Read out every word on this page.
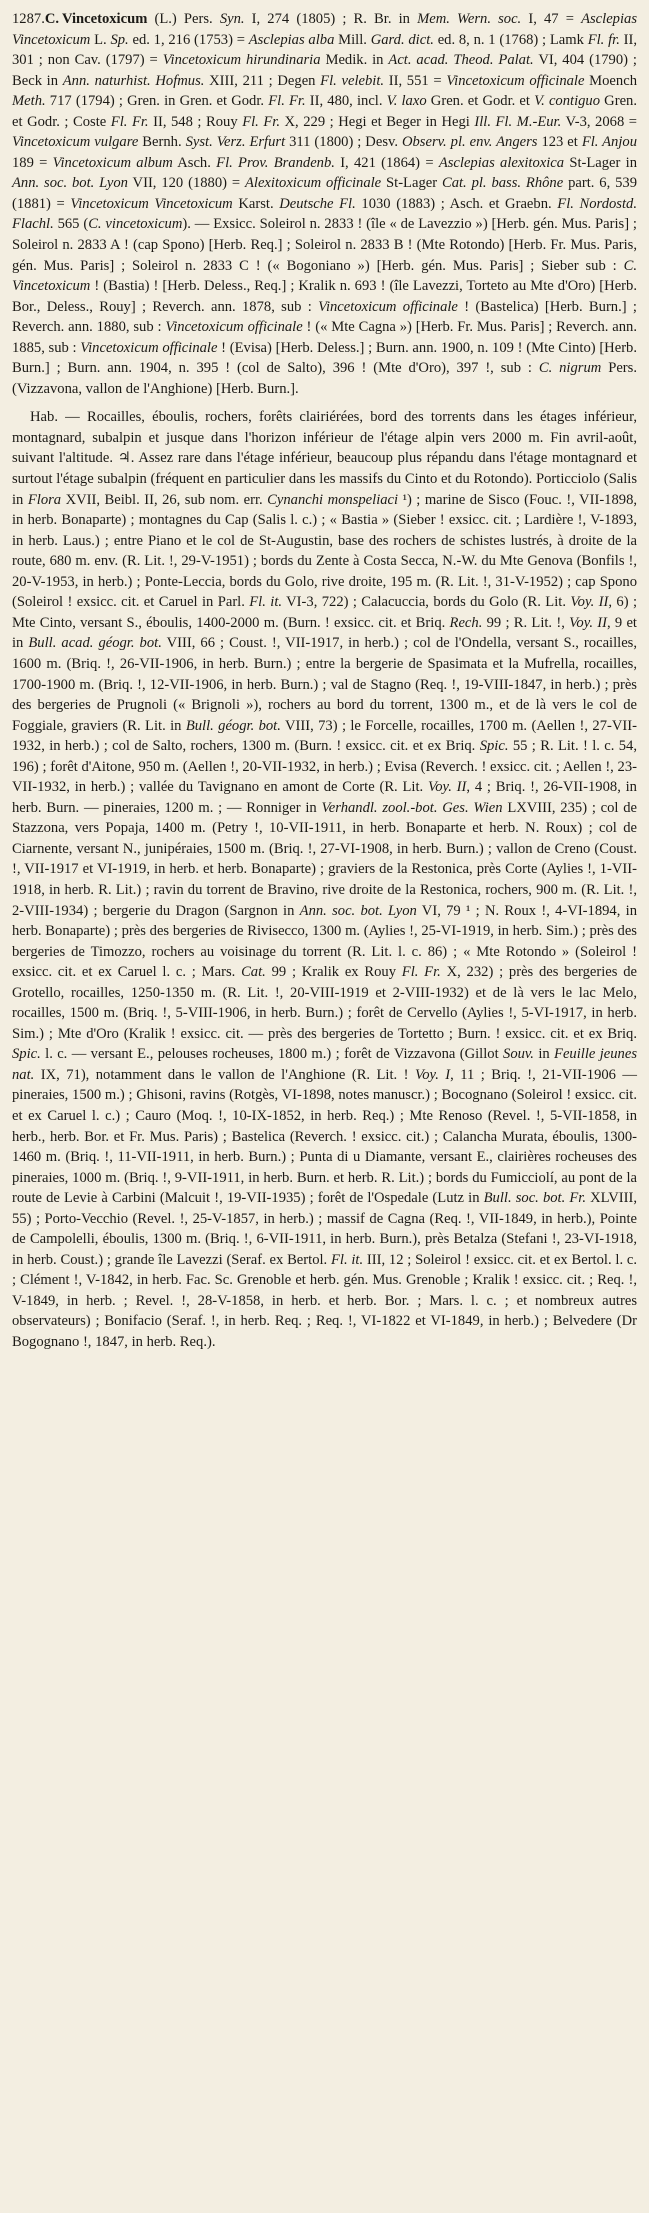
1287.C.  Vincetoxicum (L.) Pers. Syn. I, 274 (1805) ; R. Br. in Mem. Wern. soc. I, 47 = Asclepias Vincetoxicum L. Sp. ed. 1, 216 (1753) = Asclepias alba Mill. Gard. dict. ed. 8, n. 1 (1768) ; Lamk Fl. fr. II, 301 ; non Cav. (1797) = Vincetoxicum hirundinaria Medik. in Act. acad. Theod. Palat. VI, 404 (1790) ; Beck in Ann. naturhist. Hofmus. XIII, 211 ; Degen Fl. velebit. II, 551 = Vincetoxicum officinale Moench Meth. 717 (1794) ; Gren. in Gren. et Godr. Fl. Fr. II, 480, incl. V. laxo Gren. et Godr. et V. contiguo Gren. et Godr. ; Coste Fl. Fr. II, 548 ; Rouy Fl. Fr. X, 229 ; Hegi et Beger in Hegi Ill. Fl. M.-Eur. V-3, 2068 = Vincetoxicum vulgare Bernh. Syst. Verz. Erfurt 311 (1800) ; Desv. Observ. pl. env. Angers 123 et Fl. Anjou 189 = Vincetoxicum album Asch. Fl. Prov. Brandenb. I, 421 (1864) = Asclepias alexitoxica St-Lager in Ann. soc. bot. Lyon VII, 120 (1880) = Alexitoxicum officinale St-Lager Cat. pl. bass. Rhône part. 6, 539 (1881) = Vincetoxicum Vincetoxicum Karst. Deutsche Fl. 1030 (1883) ; Asch. et Graebn. Fl. Nordostd. Flachl. 565 (C. vincetoxicum). — Exsicc. Soleirol n. 2833 ! (île « de Lavezzio ») [Herb. gén. Mus. Paris] ; Soleirol n. 2833 A ! (cap Spono) [Herb. Req.] ; Soleirol n. 2833 B ! (Mte Rotondo) [Herb. Fr. Mus. Paris, gén. Mus. Paris] ; Soleirol n. 2833 C ! (« Bogoniano ») [Herb. gén. Mus. Paris] ; Sieber sub : C. Vincetoxicum ! (Bastia) ! [Herb. Deless., Req.] ; Kralik n. 693 ! (île Lavezzi, Torteto au Mte d'Oro) [Herb. Bor., Deless., Rouy] ; Reverch. ann. 1878, sub : Vincetoxicum officinale ! (Bastelica) [Herb. Burn.] ; Reverch. ann. 1880, sub : Vincetoxicum officinale ! (« Mte Cagna ») [Herb. Fr. Mus. Paris] ; Reverch. ann. 1885, sub : Vincetoxicum officinale ! (Evisa) [Herb. Deless.] ; Burn. ann. 1900, n. 109 ! (Mte Cinto) [Herb. Burn.] ; Burn. ann. 1904, n. 395 ! (col de Salto), 396 ! (Mte d'Oro), 397 !, sub : C. nigrum Pers. (Vizzavona, vallon de l'Anghione) [Herb. Burn.].

Hab. — Rocailles, éboulis, rochers, forêts clairiérées, bord des torrents dans les étages inférieur, montagnard, subalpin et jusque dans l'horizon inférieur de l'étage alpin vers 2000 m. Fin avril-août, suivant l'altitude. ♃. Assez rare dans l'étage inférieur, beaucoup plus répandu dans l'étage montagnard et surtout l'étage subalpin (fréquent en particulier dans les massifs du Cinto et du Rotondo). Porticciolo (Salis in Flora XVII, Beibl. II, 26, sub nom. err. Cynanchi monspeliaci ¹) ; marine de Sisco (Fouc. !, VII-1898, in herb. Bonaparte) ; montagnes du Cap (Salis l. c.) ; « Bastia » (Sieber ! exsicc. cit. ; Lardière !, V-1893, in herb. Laus.) ; entre Piano et le col de St-Augustin, base des rochers de schistes lustrés, à droite de la route, 680 m. env. (R. Lit. !, 29-V-1951) ; bords du Zente à Costa Secca, N.-W. du Mte Genova (Bonfils !, 20-V-1953, in herb.) ; Ponte-Leccia, bords du Golo, rive droite, 195 m. (R. Lit. !, 31-V-1952) ; cap Spono (Soleirol ! exsicc. cit. et Caruel in Parl. Fl. it. VI-3, 722) ; Calacuccia, bords du Golo (R. Lit. Voy. II, 6) ; Mte Cinto, versant S., éboulis, 1400-2000 m. (Burn. ! exsicc. cit. et Briq. Rech. 99 ; R. Lit. !, Voy. II, 9 et in Bull. acad. géogr. bot. VIII, 66 ; Coust. !, VII-1917, in herb.) ; col de l'Ondella, versant S., rocailles, 1600 m. (Briq. !, 26-VII-1906, in herb. Burn.) ; entre la bergerie de Spasimata et la Mufrella, rocailles, 1700-1900 m. (Briq. !, 12-VII-1906, in herb. Burn.) ; val de Stagno (Req. !, 19-VIII-1847, in herb.) ; près des bergeries de Prugnoli (« Brignoli »), rochers au bord du torrent, 1300 m., et de là vers le col de Foggiale, graviers (R. Lit. in Bull. géogr. bot. VIII, 73) ; le Forcelle, rocailles, 1700 m. (Aellen !, 27-VII-1932, in herb.) ; col de Salto, rochers, 1300 m. (Burn. ! exsicc. cit. et ex Briq. Spic. 55 ; R. Lit. ! l. c. 54, 196) ; forêt d'Aitone, 950 m. (Aellen !, 20-VII-1932, in herb.) ; Evisa (Reverch. ! exsicc. cit. ; Aellen !, 23-VII-1932, in herb.) ; vallée du Tavignano en amont de Corte (R. Lit. Voy. II, 4 ; Briq. !, 26-VII-1908, in herb. Burn. — pineraies, 1200 m. ; — Ronniger in Verhandl. zool.-bot. Ges. Wien LXVIII, 235) ; col de Stazzona, vers Popaja, 1400 m. (Petry !, 10-VII-1911, in herb. Bonaparte et herb. N. Roux) ; col de Ciarnente, versant N., junipéraies, 1500 m. (Briq. !, 27-VI-1908, in herb. Burn.) ; vallon de Creno (Coust. !, VII-1917 et VI-1919, in herb. et herb. Bonaparte) ; graviers de la Restonica, près Corte (Aylies !, 1-VII-1918, in herb. R. Lit.) ; ravin du torrent de Bravino, rive droite de la Restonica, rochers, 900 m. (R. Lit. !, 2-VIII-1934) ; bergerie du Dragon (Sargnon in Ann. soc. bot. Lyon VI, 79 ¹ ; N. Roux !, 4-VI-1894, in herb. Bonaparte) ; près des bergeries de Rivisecco, 1300 m. (Aylies !, 25-VI-1919, in herb. Sim.) ; près des bergeries de Timozzo, rochers au voisinage du torrent (R. Lit. l. c. 86) ; « Mte Rotondo » (Soleirol ! exsicc. cit. et ex Caruel l. c. ; Mars. Cat. 99 ; Kralik ex Rouy Fl. Fr. X, 232) ; près des bergeries de Grotello, rocailles, 1250-1350 m. (R. Lit. !, 20-VIII-1919 et 2-VIII-1932) et de là vers le lac Melo, rocailles, 1500 m. (Briq. !, 5-VIII-1906, in herb. Burn.) ; forêt de Cervello (Aylies !, 5-VI-1917, in herb. Sim.) ; Mte d'Oro (Kralik ! exsicc. cit. — près des bergeries de Tortetto ; Burn. ! exsicc. cit. et ex Briq. Spic. l. c. — versant E., pelouses rocheuses, 1800 m.) ; forêt de Vizzavona (Gillot Souv. in Feuille jeunes nat. IX, 71), notamment dans le vallon de l'Anghione (R. Lit. ! Voy. I, 11 ; Briq. !, 21-VII-1906 — pineraies, 1500 m.) ; Ghisoni, ravins (Rotgès, VI-1898, notes manuscr.) ; Bocognano (Soleirol ! exsicc. cit. et ex Caruel l. c.) ; Cauro (Moq. !, 10-IX-1852, in herb. Req.) ; Mte Renoso (Revel. !, 5-VII-1858, in herb., herb. Bor. et Fr. Mus. Paris) ; Bastelica (Reverch. ! exsicc. cit.) ; Calancha Murata, éboulis, 1300-1460 m. (Briq. !, 11-VII-1911, in herb. Burn.) ; Punta di u Diamante, versant E., clairières rocheuses des pineraies, 1000 m. (Briq. !, 9-VII-1911, in herb. Burn. et herb. R. Lit.) ; bords du Fumicciolí, au pont de la route de Levie à Carbini (Malcuit !, 19-VII-1935) ; forêt de l'Ospedale (Lutz in Bull. soc. bot. Fr. XLVIII, 55) ; Porto-Vecchio (Revel. !, 25-V-1857, in herb.) ; massif de Cagna (Req. !, VII-1849, in herb.), Pointe de Campolelli, éboulis, 1300 m. (Briq. !, 6-VII-1911, in herb. Burn.), près Betalza (Stefani !, 23-VI-1918, in herb. Coust.) ; grande île Lavezzi (Seraf. ex Bertol. Fl. it. III, 12 ; Soleirol ! exsicc. cit. et ex Bertol. l. c. ; Clément !, V-1842, in herb. Fac. Sc. Grenoble et herb. gén. Mus. Grenoble ; Kralik ! exsicc. cit. ; Req. !, V-1849, in herb. ; Revel. !, 28-V-1858, in herb. et herb. Bor. ; Mars. l. c. ; et nombreux autres observateurs) ; Bonifacio (Seraf. !, in herb. Req. ; Req. !, VI-1822 et VI-1849, in herb.) ; Belvedere (Dr Bogognano !, 1847, in herb. Req.).
